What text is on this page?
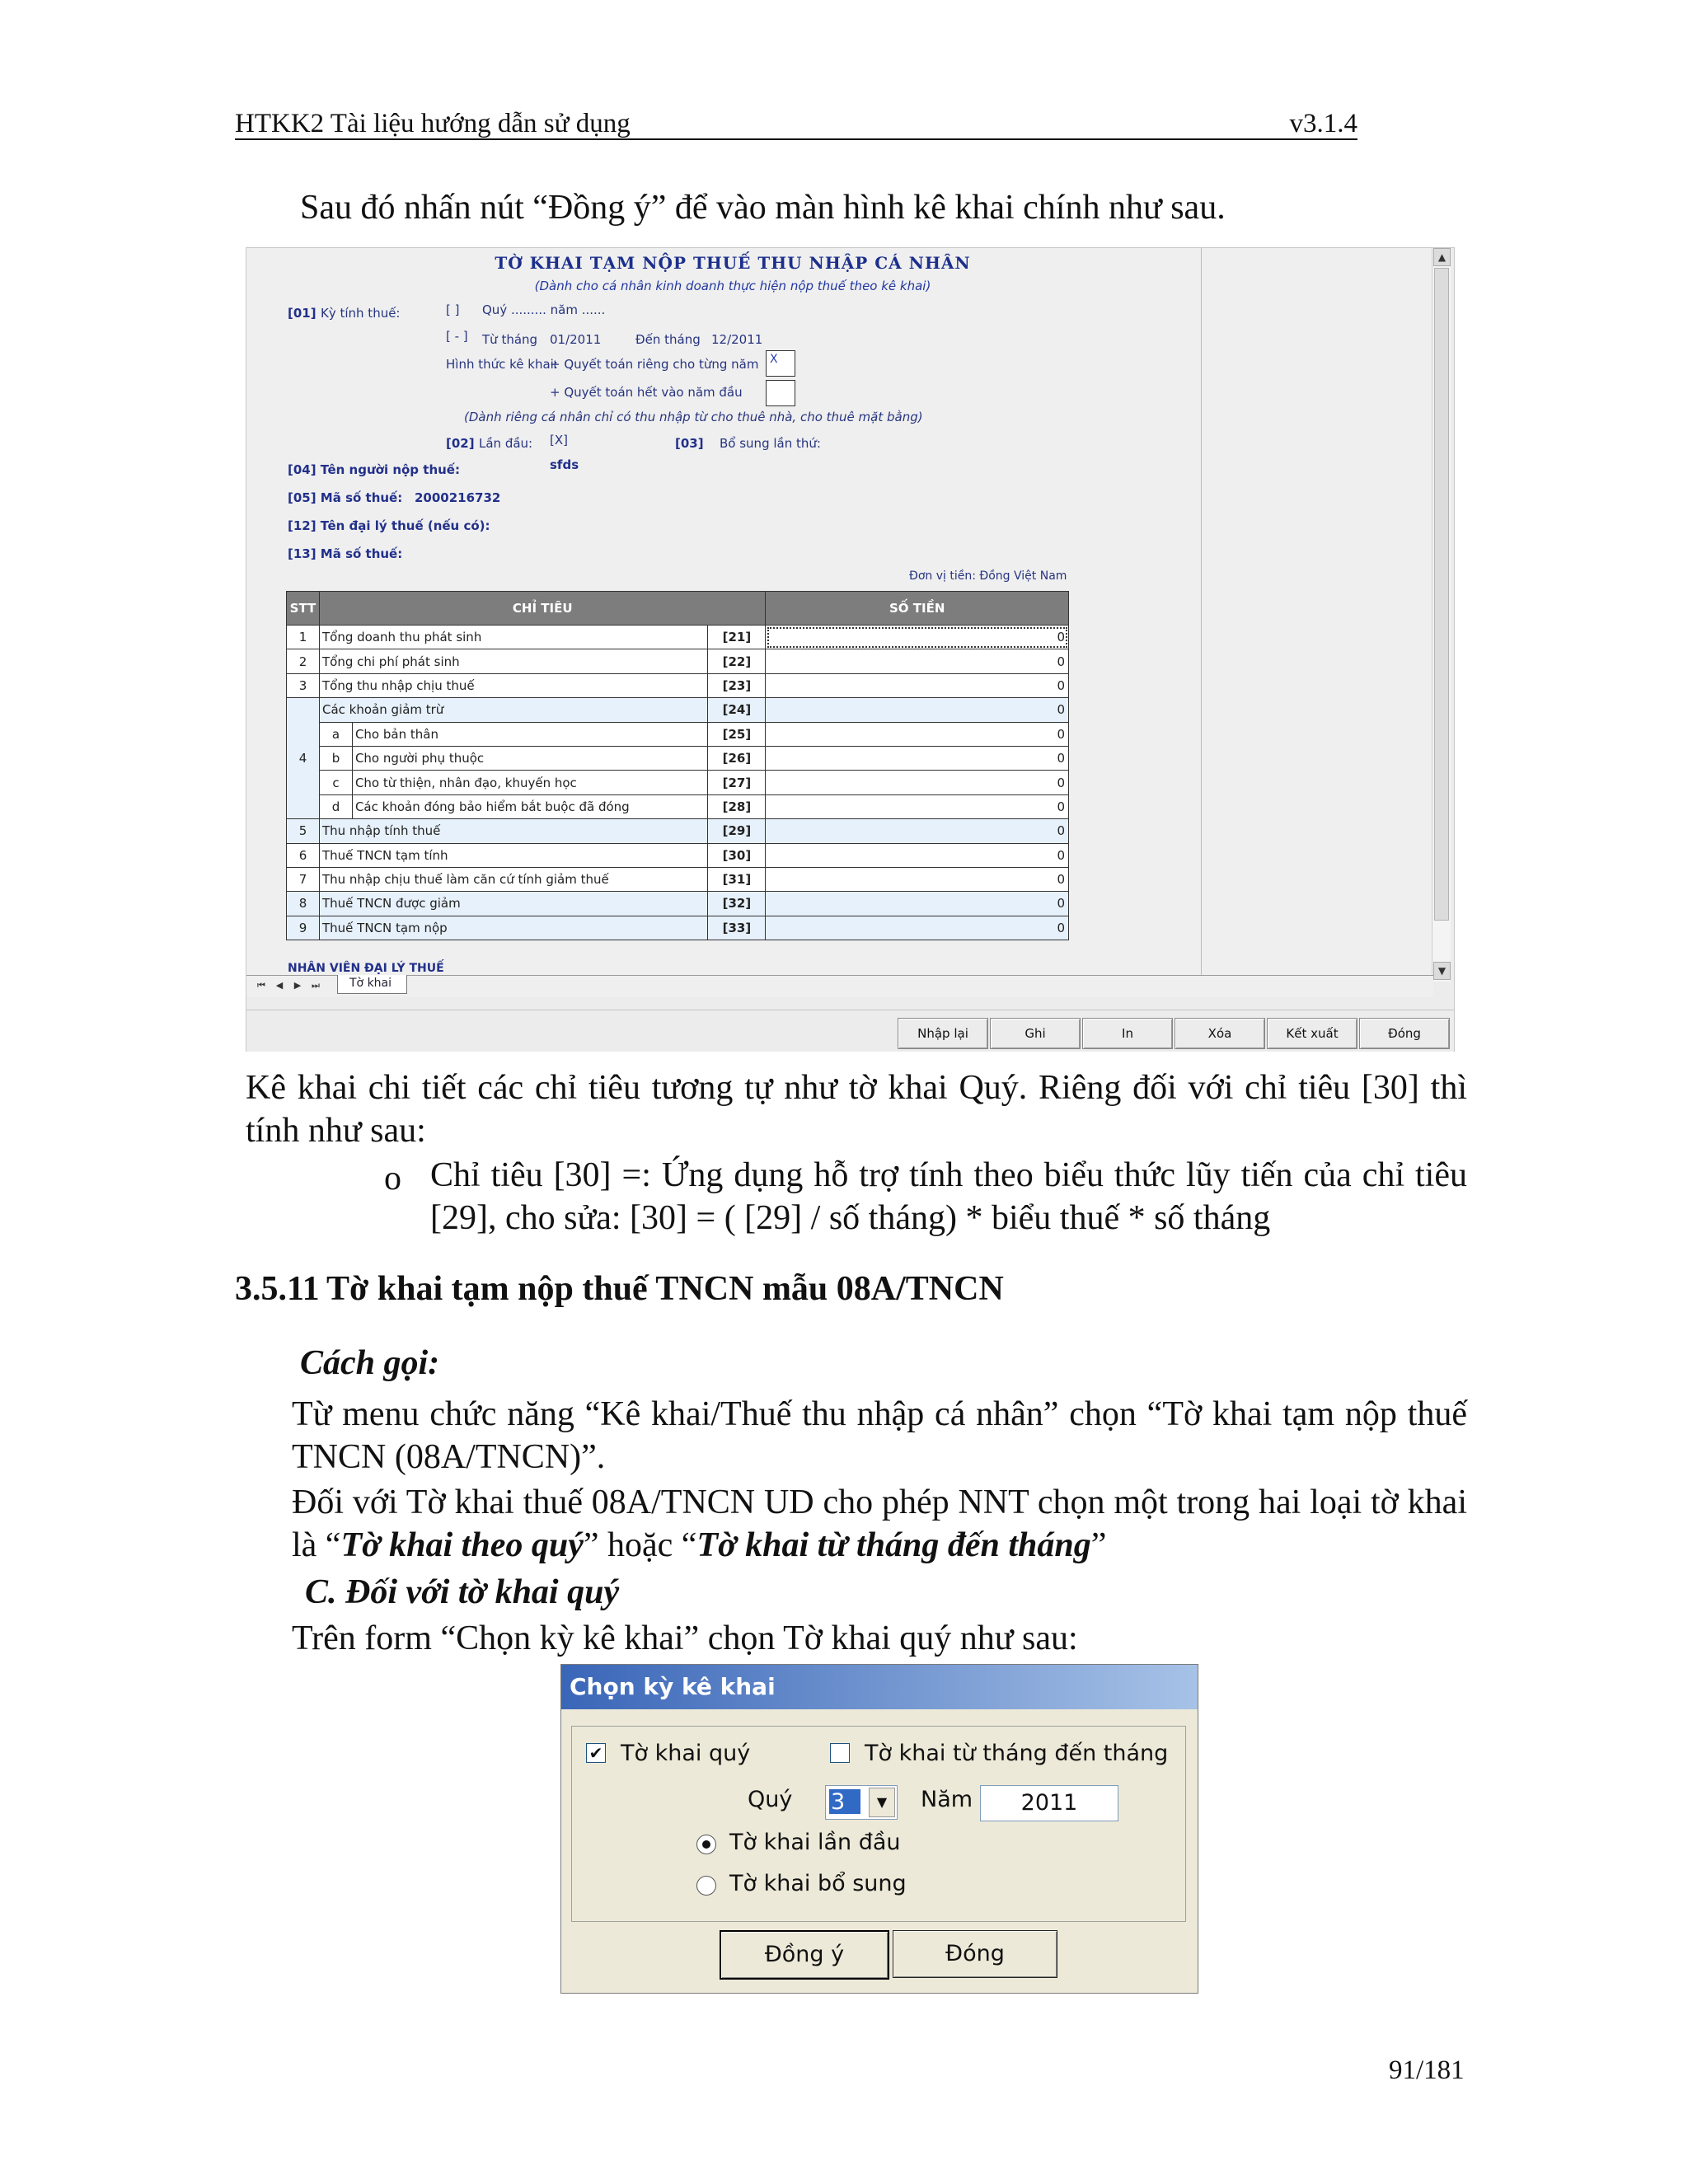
HTKK2 Tài liệu hướng dẫn sử dụng	v3.1.4
Sau đó nhấn nút “Đồng ý” để vào màn hình kê khai chính như sau.
TỜ KHAI TẠM NỘP THUẾ THU NHẬP CÁ NHÂN
(Dành cho cá nhân kinh doanh thực hiện nộp thuế theo kê khai)
[01] Kỳ tính thuế:	[ ] Quý ......... năm ......
[ - ] Từ tháng 01/2011	Đến tháng 12/2011
Hình thức kê khai:
+ Quyết toán riêng cho từng năm X
+ Quyết toán hết vào năm đầu
(Dành riêng cá nhân chỉ có thu nhập từ cho thuê nhà, cho thuê mặt bằng)
[02] Lần đầu: [X]	[03] Bổ sung lần thứ:
[04] Tên người nộp thuế:	sfds
[05] Mã số thuế: 2000216732
[12] Tên đại lý thuế (nếu có):
[13] Mã số thuế:
Đơn vị tiền: Đồng Việt Nam
STT	CHỈ TIÊU			SỐ TIỀN
1	Tổng doanh thu phát sinh		[21]	0
2	Tổng chi phí phát sinh		[22]	0
3	Tổng thu nhập chịu thuế		[23]	0
4	Các khoản giảm trừ		[24]	0
	a	Cho bản thân	[25]	0
	b	Cho người phụ thuộc	[26]	0
	c	Cho từ thiện, nhân đạo, khuyến học	[27]	0
	d	Các khoản đóng bảo hiểm bắt buộc đã đóng	[28]	0
5	Thu nhập tính thuế		[29]	0
6	Thuế TNCN tạm tính		[30]	0
7	Thu nhập chịu thuế làm căn cứ tính giảm thuế		[31]	0
8	Thuế TNCN được giảm		[32]	0
9	Thuế TNCN tạm nộp		[33]	0
NHÂN VIÊN ĐẠI LÝ THUẾ
▲
▼
⏮	◀	▶	⏭	Tờ khai
Nhập lại	Ghi	In	Xóa	Kết xuất	Đóng
Kê khai chi tiết các chỉ tiêu tương tự như tờ khai Quý. Riêng đối với chỉ tiêu [30] thì tính như sau:
o Chỉ tiêu [30] =: Ứng dụng hỗ trợ tính theo biểu thức lũy tiến của chỉ tiêu [29], cho sửa: [30] = ( [29] / số tháng) * biểu thuế * số tháng
3.5.11 Tờ khai tạm nộp thuế TNCN mẫu 08A/TNCN
Cách gọi:
Từ menu chức năng “Kê khai/Thuế thu nhập cá nhân” chọn “Tờ khai tạm nộp thuế TNCN (08A/TNCN)”.
Đối với Tờ khai thuế 08A/TNCN UD cho phép NNT chọn một trong hai loại tờ khai là “Tờ khai theo quý” hoặc “Tờ khai từ tháng đến tháng”
C. Đối với tờ khai quý
Trên form “Chọn kỳ kê khai” chọn Tờ khai quý như sau:
Chọn kỳ kê khai
✔ Tờ khai quý	Tờ khai từ tháng đến tháng
Quý 3	▼	Năm	2011
Tờ khai lần đầu
Tờ khai bổ sung
Đồng ý	Đóng
91/181
